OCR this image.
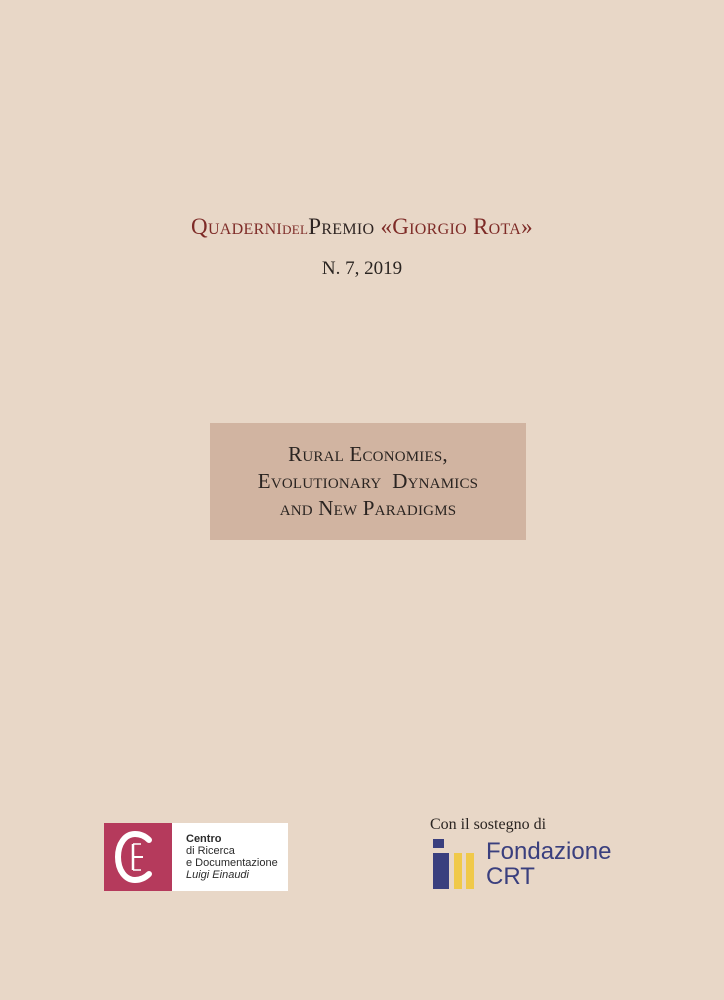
QuadernidelPremio «Giorgio Rota»
N. 7, 2019
Rural Economies,
Evolutionary  Dynamics
and New Paradigms
Centro
di Ricerca
e Documentazione
Luigi Einaudi
Con il sostegno di
Fondazione
CRT
